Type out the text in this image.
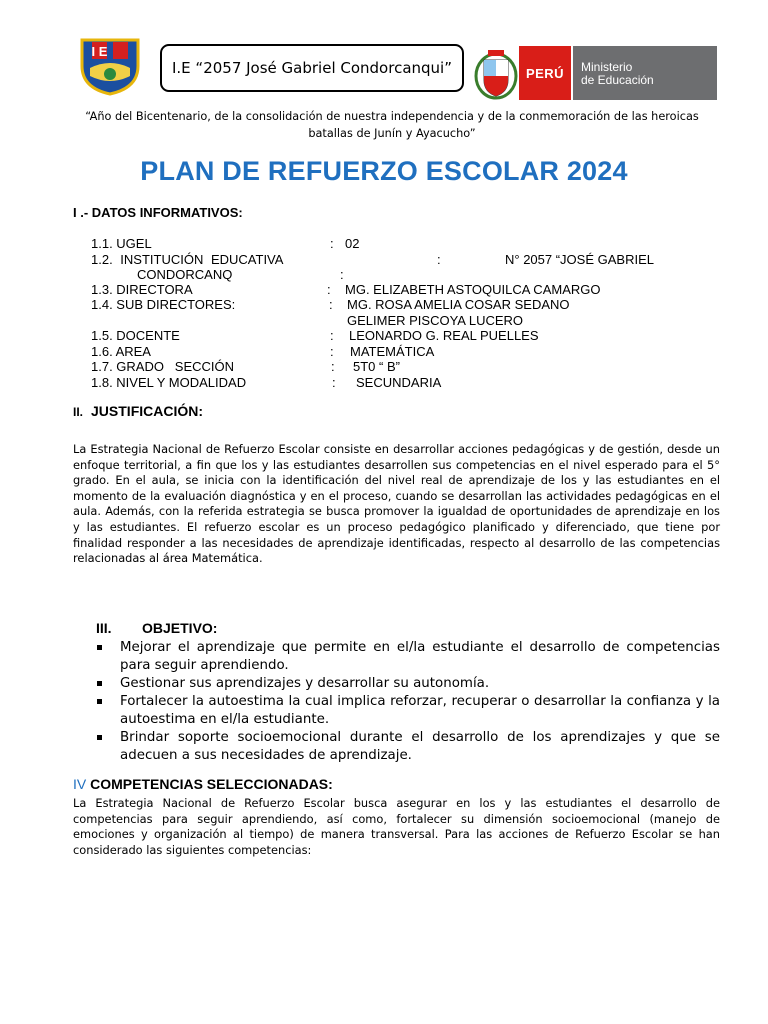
I E
I.E “2057 José Gabriel Condorcanqui”	PERÚ Ministerio
de Educación
“Año del Bicentenario, de la consolidación de nuestra independencia y de la conmemoración de las heroicas
batallas de Junín y Ayacucho”
PLAN DE REFUERZO ESCOLAR 2024
I .- DATOS INFORMATIVOS:
1.1. UGEL	: 02
1.2. INSTITUCIÓN EDUCATIVA	:	N° 2057 “JOSÉ GABRIEL
CONDORCANQ	:
1.3. DIRECTORA	: MG. ELIZABETH ASTOQUILCA CAMARGO
1.4. SUB DIRECTORES:	: MG. ROSA AMELIA COSAR SEDANO
GELIMER PISCOYA LUCERO
1.5. DOCENTE	: LEONARDO G. REAL PUELLES
1.6. AREA	: MATEMÁTICA
1.7. GRADO   SECCIÓN	: 5T0 “ B”
1.8. NIVEL Y MODALIDAD	: SECUNDARIA
II. JUSTIFICACIÓN:
La Estrategia Nacional de Refuerzo Escolar consiste en desarrollar acciones pedagógicas y de gestión, desde un enfoque territorial, a fin que los y las estudiantes desarrollen sus competencias en el nivel esperado para el 5° grado. En el aula, se inicia con la identificación del nivel real de aprendizaje de los y las estudiantes en el momento de la evaluación diagnóstica y en el proceso, cuando se desarrollan las actividades pedagógicas en el aula. Además, con la referida estrategia se busca promover la igualdad de oportunidades de aprendizaje en los y las estudiantes. El refuerzo escolar es un proceso pedagógico planificado y diferenciado, que tiene por finalidad responder a las necesidades de aprendizaje identificadas, respecto al desarrollo de las competencias relacionadas al área Matemática.
III. OBJETIVO:
Mejorar el aprendizaje que permite en el/la estudiante el desarrollo de competencias para seguir aprendiendo.
Gestionar sus aprendizajes y desarrollar su autonomía.
Fortalecer la autoestima la cual implica reforzar, recuperar o desarrollar la confianza y la autoestima en el/la estudiante.
Brindar soporte socioemocional durante el desarrollo de los aprendizajes y que se adecuen a sus necesidades de aprendizaje.
IV COMPETENCIAS SELECCIONADAS:
La Estrategia Nacional de Refuerzo Escolar busca asegurar en los y las estudiantes el desarrollo de competencias para seguir aprendiendo, así como, fortalecer su dimensión socioemocional (manejo de emociones y organización al tiempo) de manera transversal. Para las acciones de Refuerzo Escolar se han considerado las siguientes competencias:
